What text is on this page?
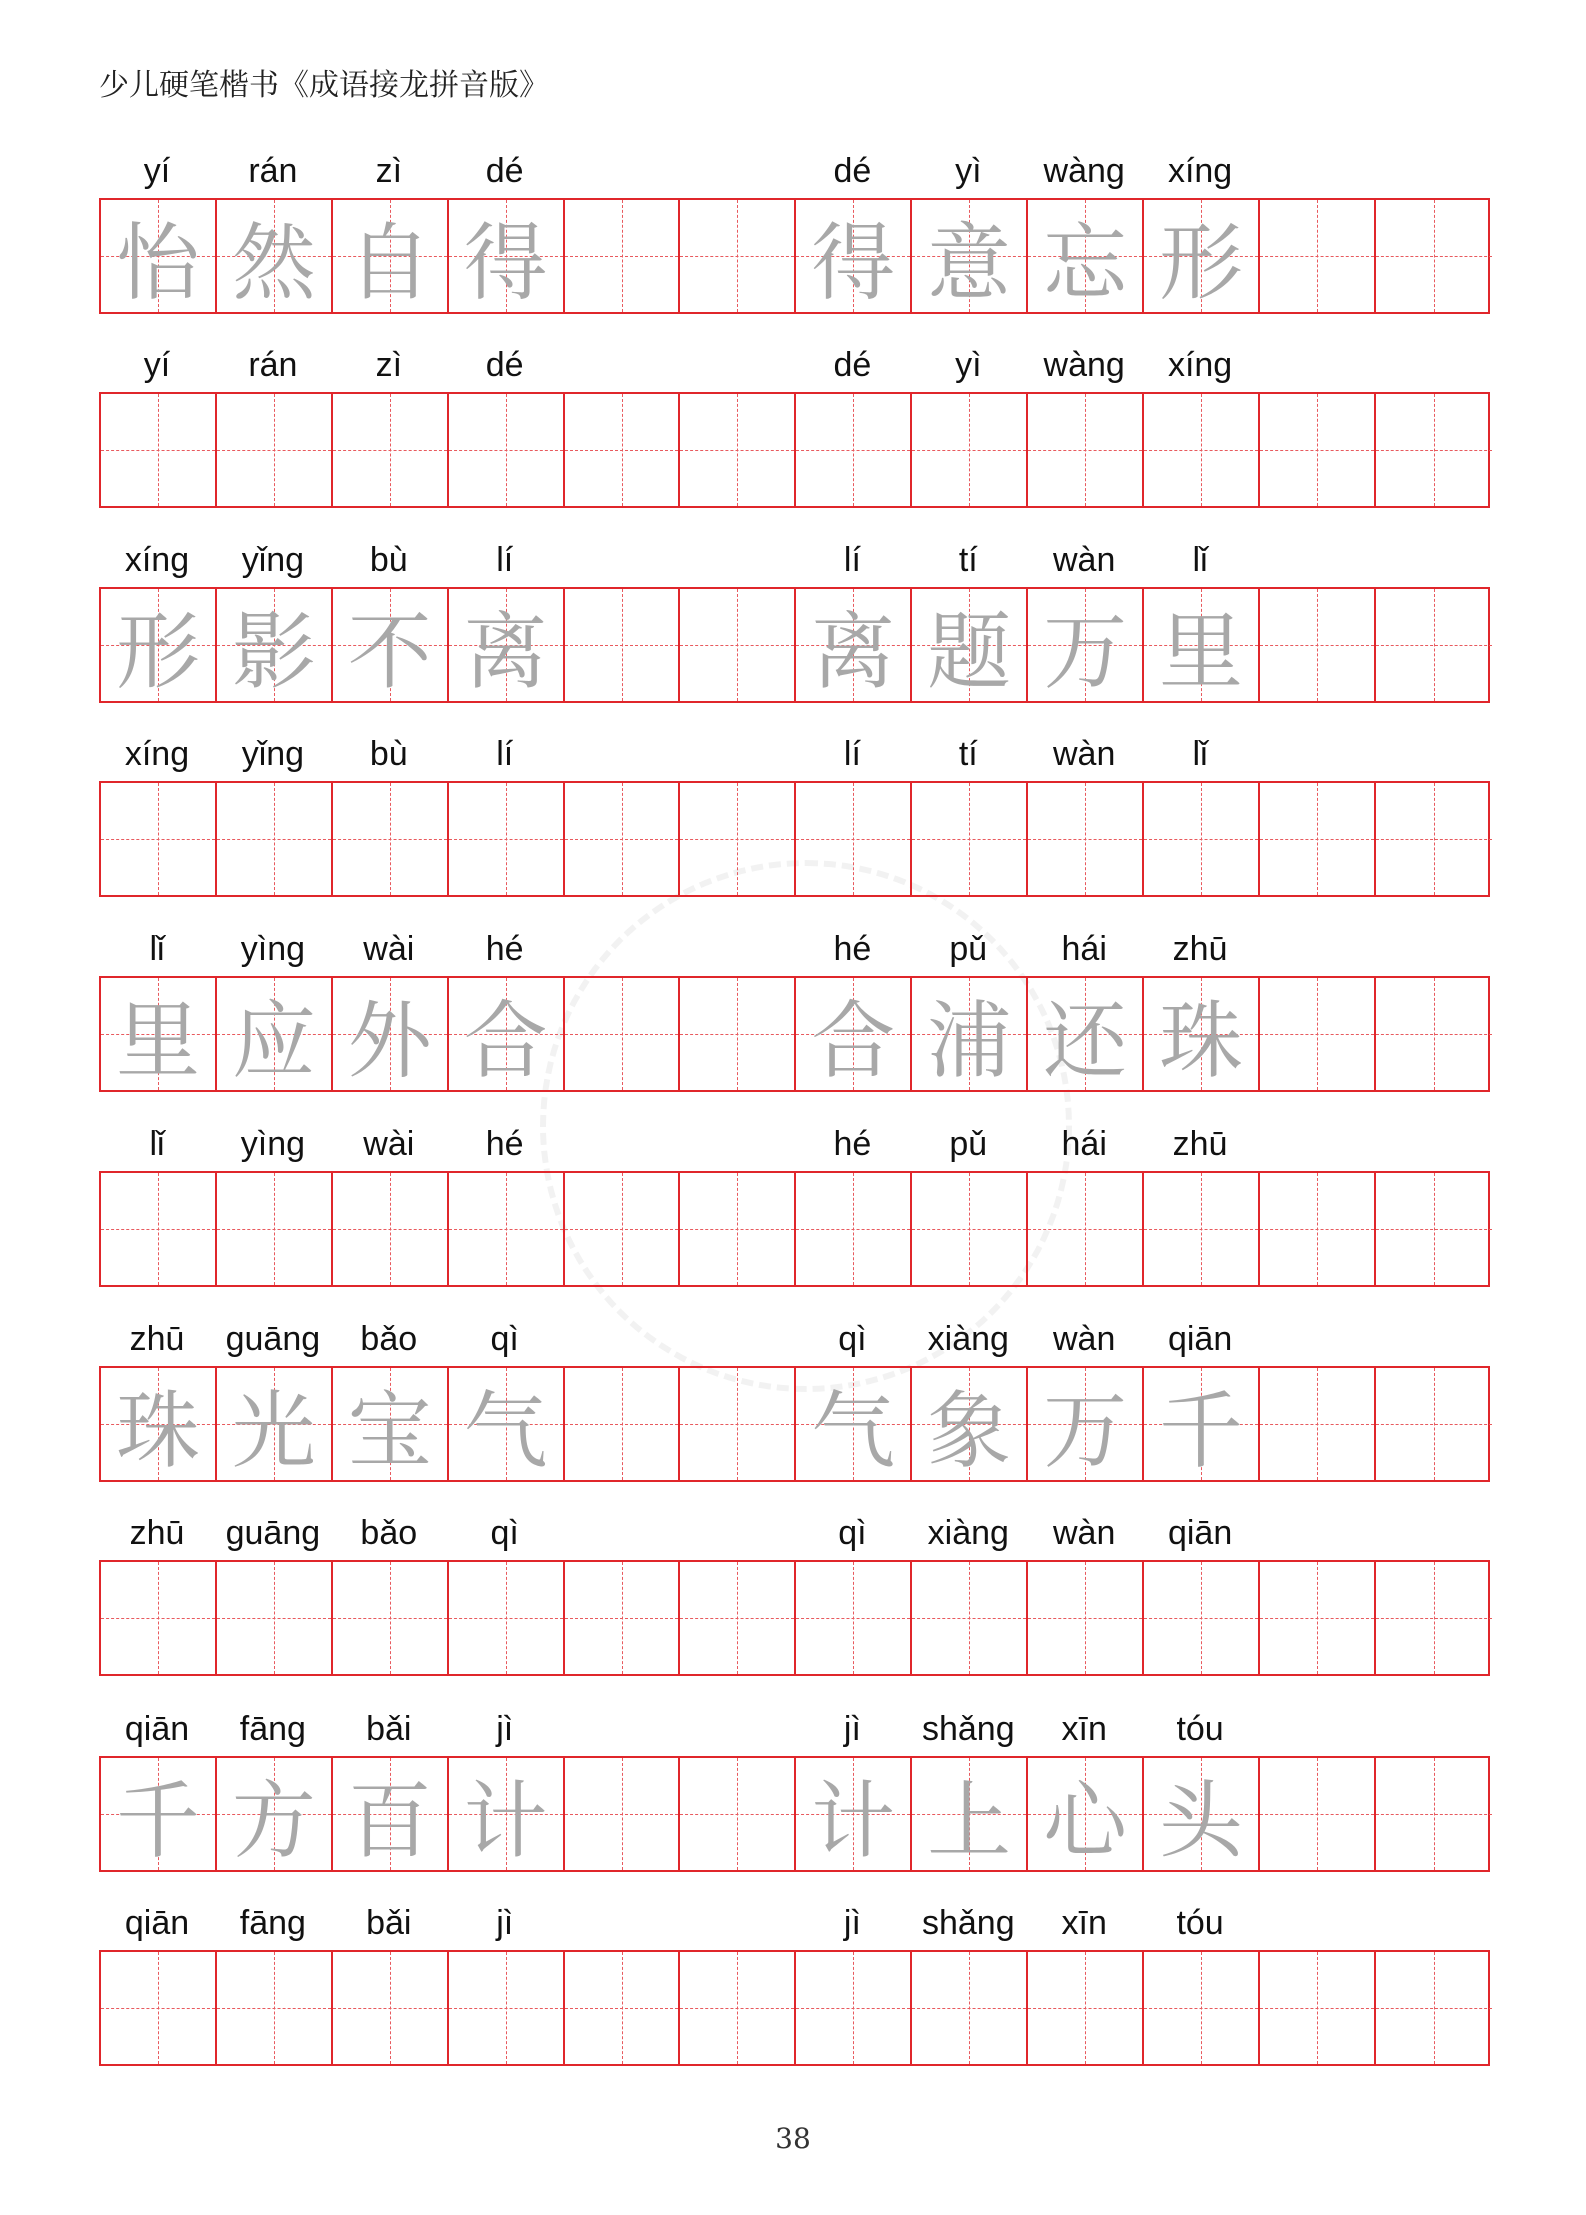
少儿硬笔楷书《成语接龙拼音版》
yí	rán	zì	dé	dé	yì	wàng	xíng
怡 然 自 得	得 意 忘 形
yí	rán	zì	dé	dé	yì	wàng	xíng
xíng	yǐng	bù	lí	lí	tí	wàn	lǐ
形 影 不 离	离 题 万 里
xíng	yǐng	bù	lí	lí	tí	wàn	lǐ
lǐ	yìng	wài	hé	hé	pǔ	hái	zhū
里 应 外 合	合 浦 还 珠
lǐ	yìng	wài	hé	hé	pǔ	hái	zhū
zhū	guāng	bǎo	qì	qì	xiàng	wàn	qiān
珠 光 宝 气	气 象 万 千
zhū	guāng	bǎo	qì	qì	xiàng	wàn	qiān
qiān	fāng	bǎi	jì	jì	shǎng	xīn	tóu
千 方 百 计	计 上 心 头
qiān	fāng	bǎi	jì	jì	shǎng	xīn	tóu
38
